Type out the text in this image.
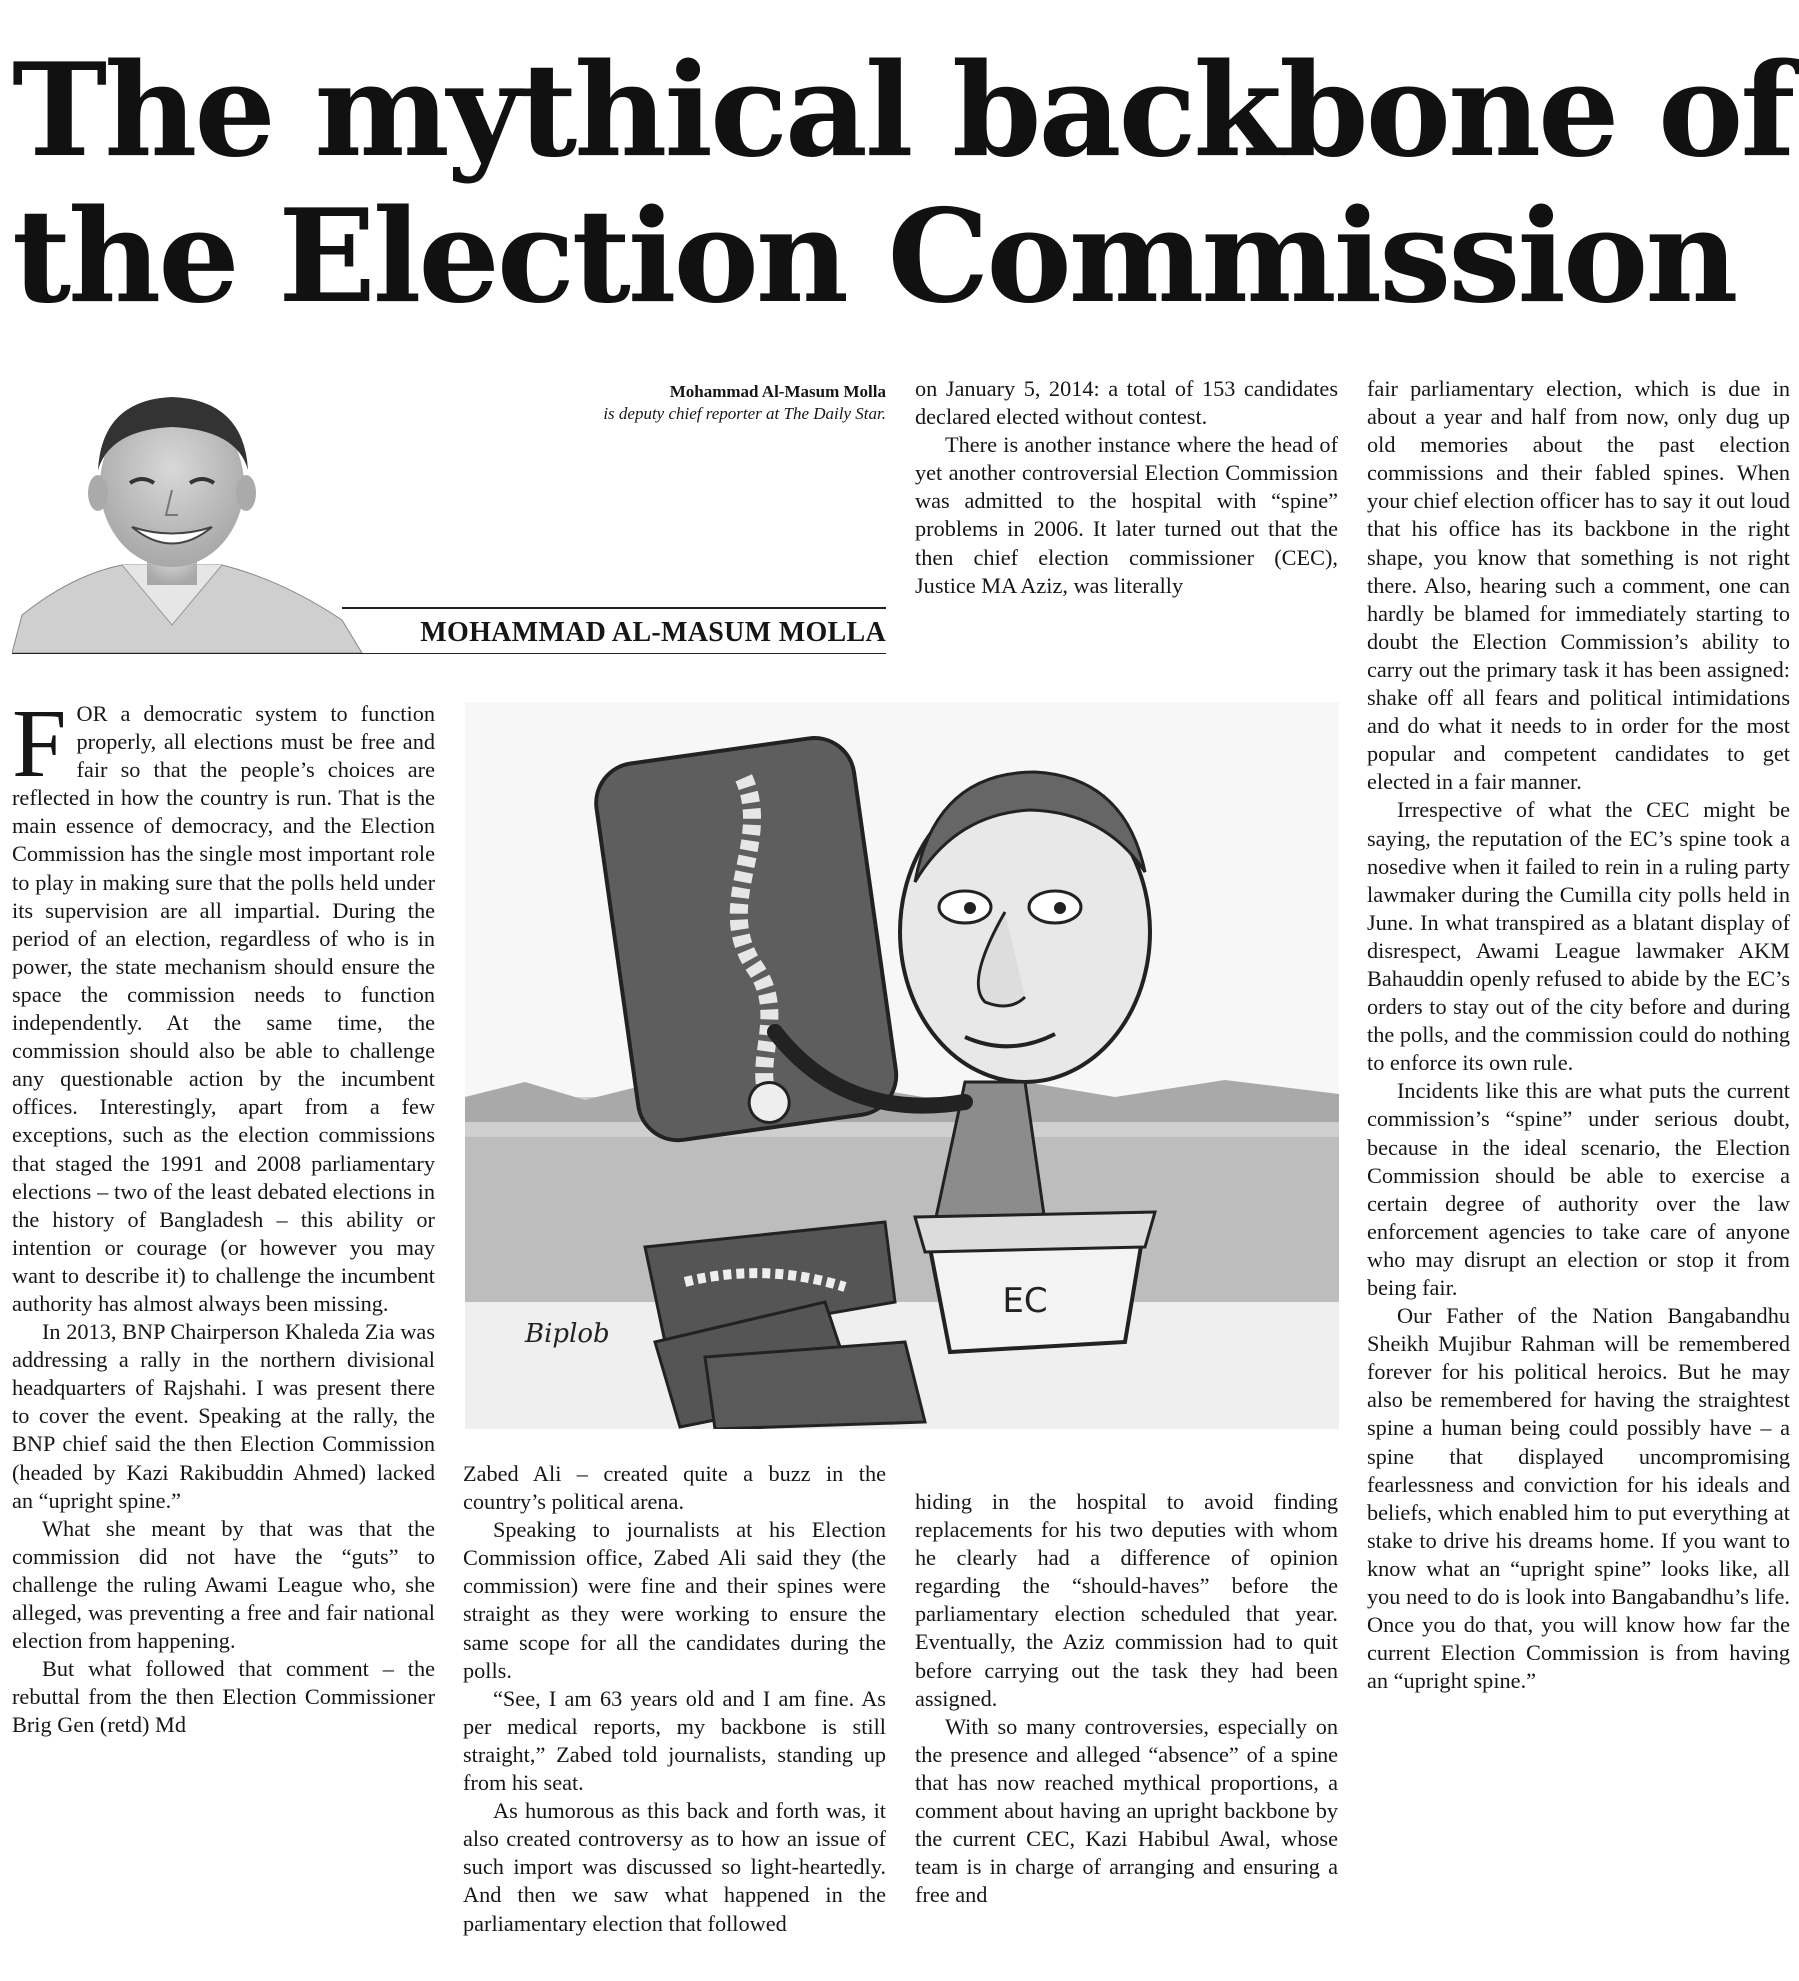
The mythical backbone of
the Election Commission
Mohammad Al-Masum Molla
is deputy chief reporter at The Daily Star.
MOHAMMAD AL-MASUM MOLLA

FOR a democratic system to function properly, all elections must be free and fair so that the people’s choices are reflected in how the country is run. That is the main essence of democracy, and the Election Commission has the single most important role to play in making sure that the polls held under its supervision are all impartial. During the period of an election, regardless of who is in power, the state mechanism should ensure the space the commission needs to function independently. At the same time, the commission should also be able to challenge any questionable action by the incumbent offices. Interestingly, apart from a few exceptions, such as the election commissions that staged the 1991 and 2008 parliamentary elections – two of the least debated elections in the history of Bangladesh – this ability or intention or courage (or however you may want to describe it) to challenge the incumbent authority has almost always been missing.

In 2013, BNP Chairperson Khaleda Zia was addressing a rally in the northern divisional headquarters of Rajshahi. I was present there to cover the event. Speaking at the rally, the BNP chief said the then Election Commission (headed by Kazi Rakibuddin Ahmed) lacked an “upright spine.”

What she meant by that was that the commission did not have the “guts” to challenge the ruling Awami League who, she alleged, was preventing a free and fair national election from happening.

But what followed that comment – the rebuttal from the then Election Commissioner Brig Gen (retd) Md

Zabed Ali – created quite a buzz in the country’s political arena.

Speaking to journalists at his Election Commission office, Zabed Ali said they (the commission) were fine and their spines were straight as they were working to ensure the same scope for all the candidates during the polls.

“See, I am 63 years old and I am fine. As per medical reports, my backbone is still straight,” Zabed told journalists, standing up from his seat.

As humorous as this back and forth was, it also created controversy as to how an issue of such import was discussed so light-heartedly. And then we saw what happened in the parliamentary election that followed

on January 5, 2014: a total of 153 candidates declared elected without contest.

There is another instance where the head of yet another controversial Election Commission was admitted to the hospital with “spine” problems in 2006. It later turned out that the then chief election commissioner (CEC), Justice MA Aziz, was literally

hiding in the hospital to avoid finding replacements for his two deputies with whom he clearly had a difference of opinion regarding the “should-haves” before the parliamentary election scheduled that year. Eventually, the Aziz commission had to quit before carrying out the task they had been assigned.

With so many controversies, especially on the presence and alleged “absence” of a spine that has now reached mythical proportions, a comment about having an upright backbone by the current CEC, Kazi Habibul Awal, whose team is in charge of arranging and ensuring a free and

fair parliamentary election, which is due in about a year and half from now, only dug up old memories about the past election commissions and their fabled spines. When your chief election officer has to say it out loud that his office has its backbone in the right shape, you know that something is not right there. Also, hearing such a comment, one can hardly be blamed for immediately starting to doubt the Election Commission’s ability to carry out the primary task it has been assigned: shake off all fears and political intimidations and do what it needs to in order for the most popular and competent candidates to get elected in a fair manner.

Irrespective of what the CEC might be saying, the reputation of the EC’s spine took a nosedive when it failed to rein in a ruling party lawmaker during the Cumilla city polls held in June. In what transpired as a blatant display of disrespect, Awami League lawmaker AKM Bahauddin openly refused to abide by the EC’s orders to stay out of the city before and during the polls, and the commission could do nothing to enforce its own rule.

Incidents like this are what puts the current commission’s “spine” under serious doubt, because in the ideal scenario, the Election Commission should be able to exercise a certain degree of authority over the law enforcement agencies to take care of anyone who may disrupt an election or stop it from being fair.

Our Father of the Nation Bangabandhu Sheikh Mujibur Rahman will be remembered forever for his political heroics. But he may also be remembered for having the straightest spine a human being could possibly have – a spine that displayed uncompromising fearlessness and conviction for his ideals and beliefs, which enabled him to put everything at stake to drive his dreams home. If you want to know what an “upright spine” looks like, all you need to do is look into Bangabandhu’s life. Once you do that, you will know how far the current Election Commission is from having an “upright spine.”

EC
Biplob
